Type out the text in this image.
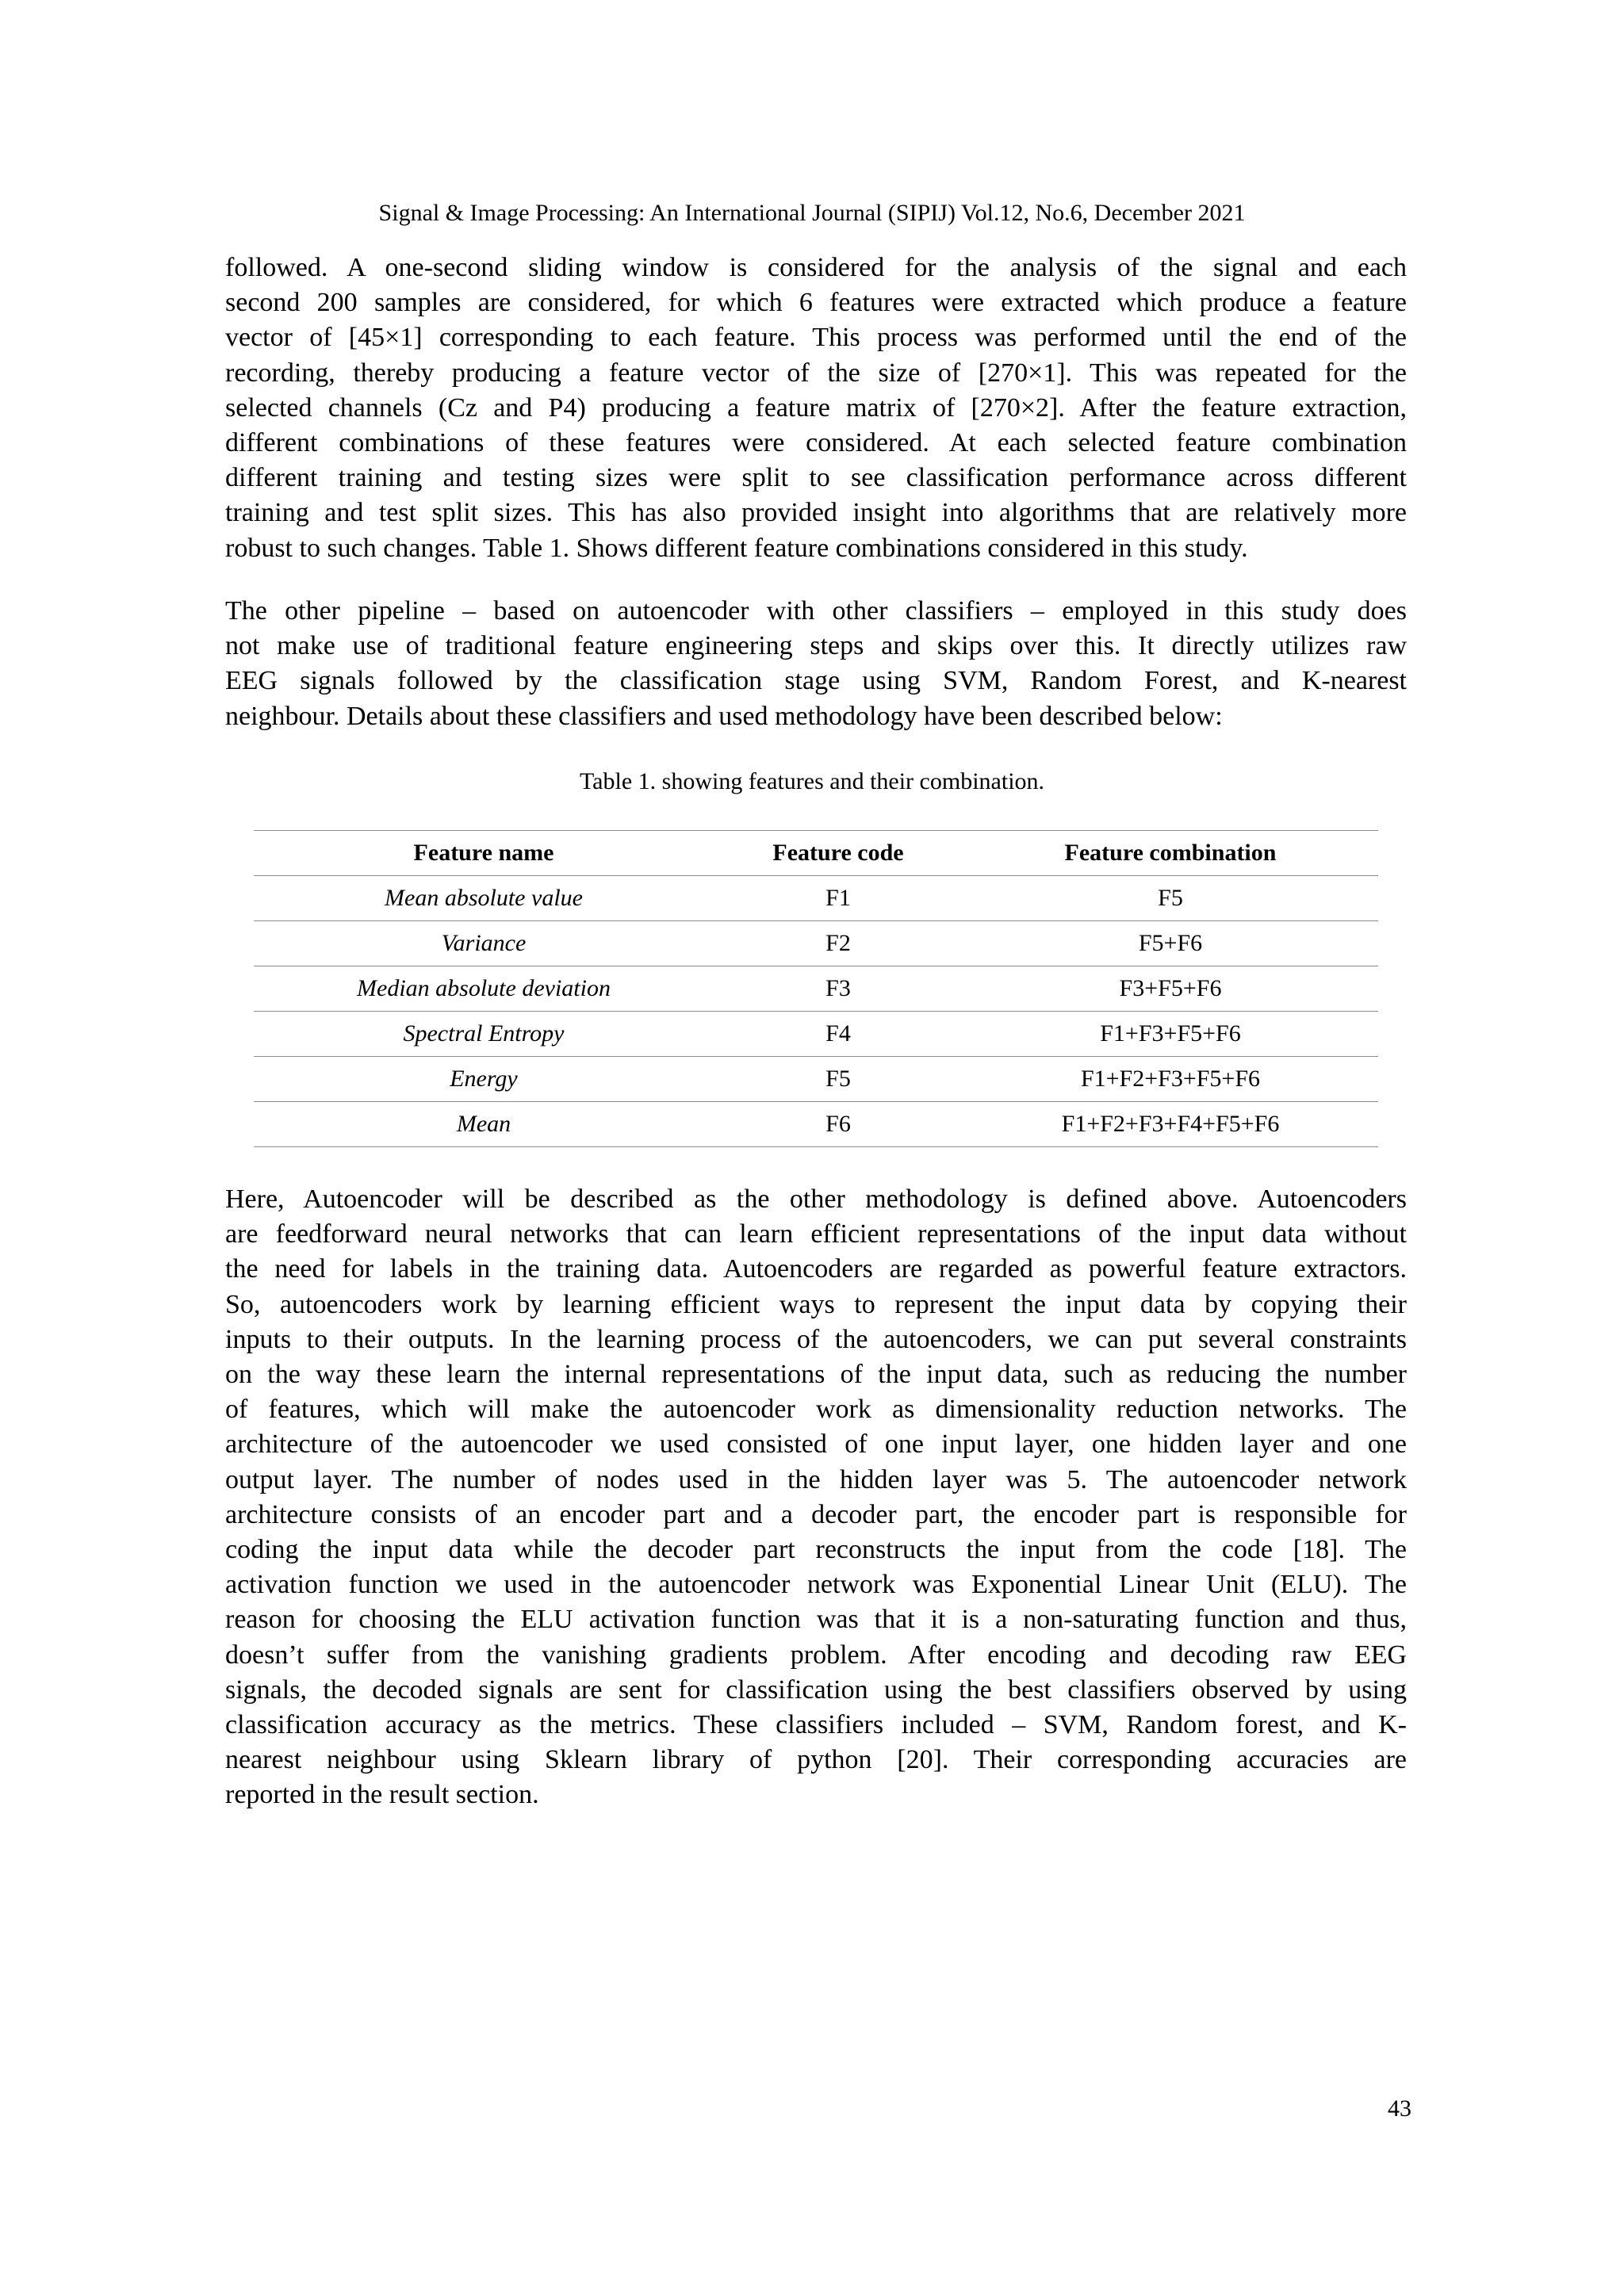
Signal & Image Processing: An International Journal (SIPIJ) Vol.12, No.6, December 2021
followed. A one-second sliding window is considered for the analysis of the signal and each
second 200 samples are considered, for which 6 features were extracted which produce a feature
vector of [45×1] corresponding to each feature. This process was performed until the end of the
recording, thereby producing a feature vector of the size of [270×1]. This was repeated for the
selected channels (Cz and P4) producing a feature matrix of [270×2]. After the feature extraction,
different combinations of these features were considered. At each selected feature combination
different training and testing sizes were split to see classification performance across different
training and test split sizes. This has also provided insight into algorithms that are relatively more
robust to such changes. Table 1. Shows different feature combinations considered in this study.
The other pipeline – based on autoencoder with other classifiers – employed in this study does
not make use of traditional feature engineering steps and skips over this. It directly utilizes raw
EEG signals followed by the classification stage using SVM, Random Forest, and K-nearest
neighbour. Details about these classifiers and used methodology have been described below:
Table 1. showing features and their combination.
Feature name	Feature code	Feature combination
Mean absolute value	F1	F5
Variance	F2	F5+F6
Median absolute deviation	F3	F3+F5+F6
Spectral Entropy	F4	F1+F3+F5+F6
Energy	F5	F1+F2+F3+F5+F6
Mean	F6	F1+F2+F3+F4+F5+F6
Here, Autoencoder will be described as the other methodology is defined above. Autoencoders
are feedforward neural networks that can learn efficient representations of the input data without
the need for labels in the training data. Autoencoders are regarded as powerful feature extractors.
So, autoencoders work by learning efficient ways to represent the input data by copying their
inputs to their outputs. In the learning process of the autoencoders, we can put several constraints
on the way these learn the internal representations of the input data, such as reducing the number
of features, which will make the autoencoder work as dimensionality reduction networks. The
architecture of the autoencoder we used consisted of one input layer, one hidden layer and one
output layer. The number of nodes used in the hidden layer was 5. The autoencoder network
architecture consists of an encoder part and a decoder part, the encoder part is responsible for
coding the input data while the decoder part reconstructs the input from the code [18]. The
activation function we used in the autoencoder network was Exponential Linear Unit (ELU). The
reason for choosing the ELU activation function was that it is a non-saturating function and thus,
doesn’t suffer from the vanishing gradients problem. After encoding and decoding raw EEG
signals, the decoded signals are sent for classification using the best classifiers observed by using
classification accuracy as the metrics. These classifiers included – SVM, Random forest, and K-
nearest neighbour using Sklearn library of python [20]. Their corresponding accuracies are
reported in the result section.
43
